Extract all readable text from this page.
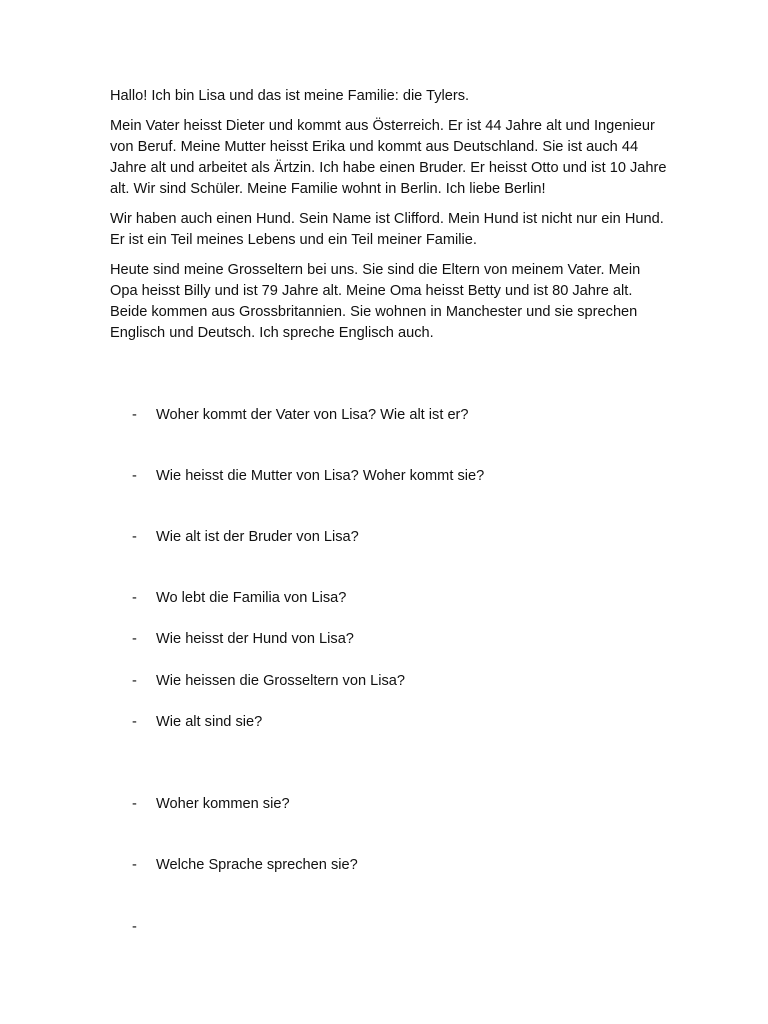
Hallo! Ich bin Lisa und das ist meine Familie: die Tylers.

Mein Vater heisst Dieter und kommt aus Österreich. Er ist 44 Jahre alt und Ingenieur von Beruf. Meine Mutter heisst Erika und kommt aus Deutschland. Sie ist auch 44 Jahre alt und arbeitet als Ärtzin. Ich habe einen Bruder. Er heisst Otto und ist 10 Jahre alt. Wir sind Schüler. Meine Familie wohnt in Berlin. Ich liebe Berlin!

Wir haben auch einen Hund. Sein Name ist Clifford. Mein Hund ist nicht nur ein Hund. Er ist ein Teil meines Lebens und ein Teil meiner Familie.

Heute sind meine Grosseltern bei uns. Sie sind die Eltern von meinem Vater. Mein Opa heisst Billy und ist 79 Jahre alt. Meine Oma heisst Betty und ist 80 Jahre alt. Beide kommen aus Grossbritannien. Sie wohnen in Manchester und sie sprechen Englisch und Deutsch. Ich spreche Englisch auch.

-	Woher kommt der Vater von Lisa? Wie alt ist er?
-	Wie heisst die Mutter von Lisa? Woher kommt sie?
-	Wie alt ist der Bruder von Lisa?
-	Wo lebt die Familia von Lisa?
-	Wie heisst der Hund von Lisa?
-	Wie heissen die Grosseltern von Lisa?
-	Wie alt sind sie?
-	Woher kommen sie?
-	Welche Sprache sprechen sie?
-
